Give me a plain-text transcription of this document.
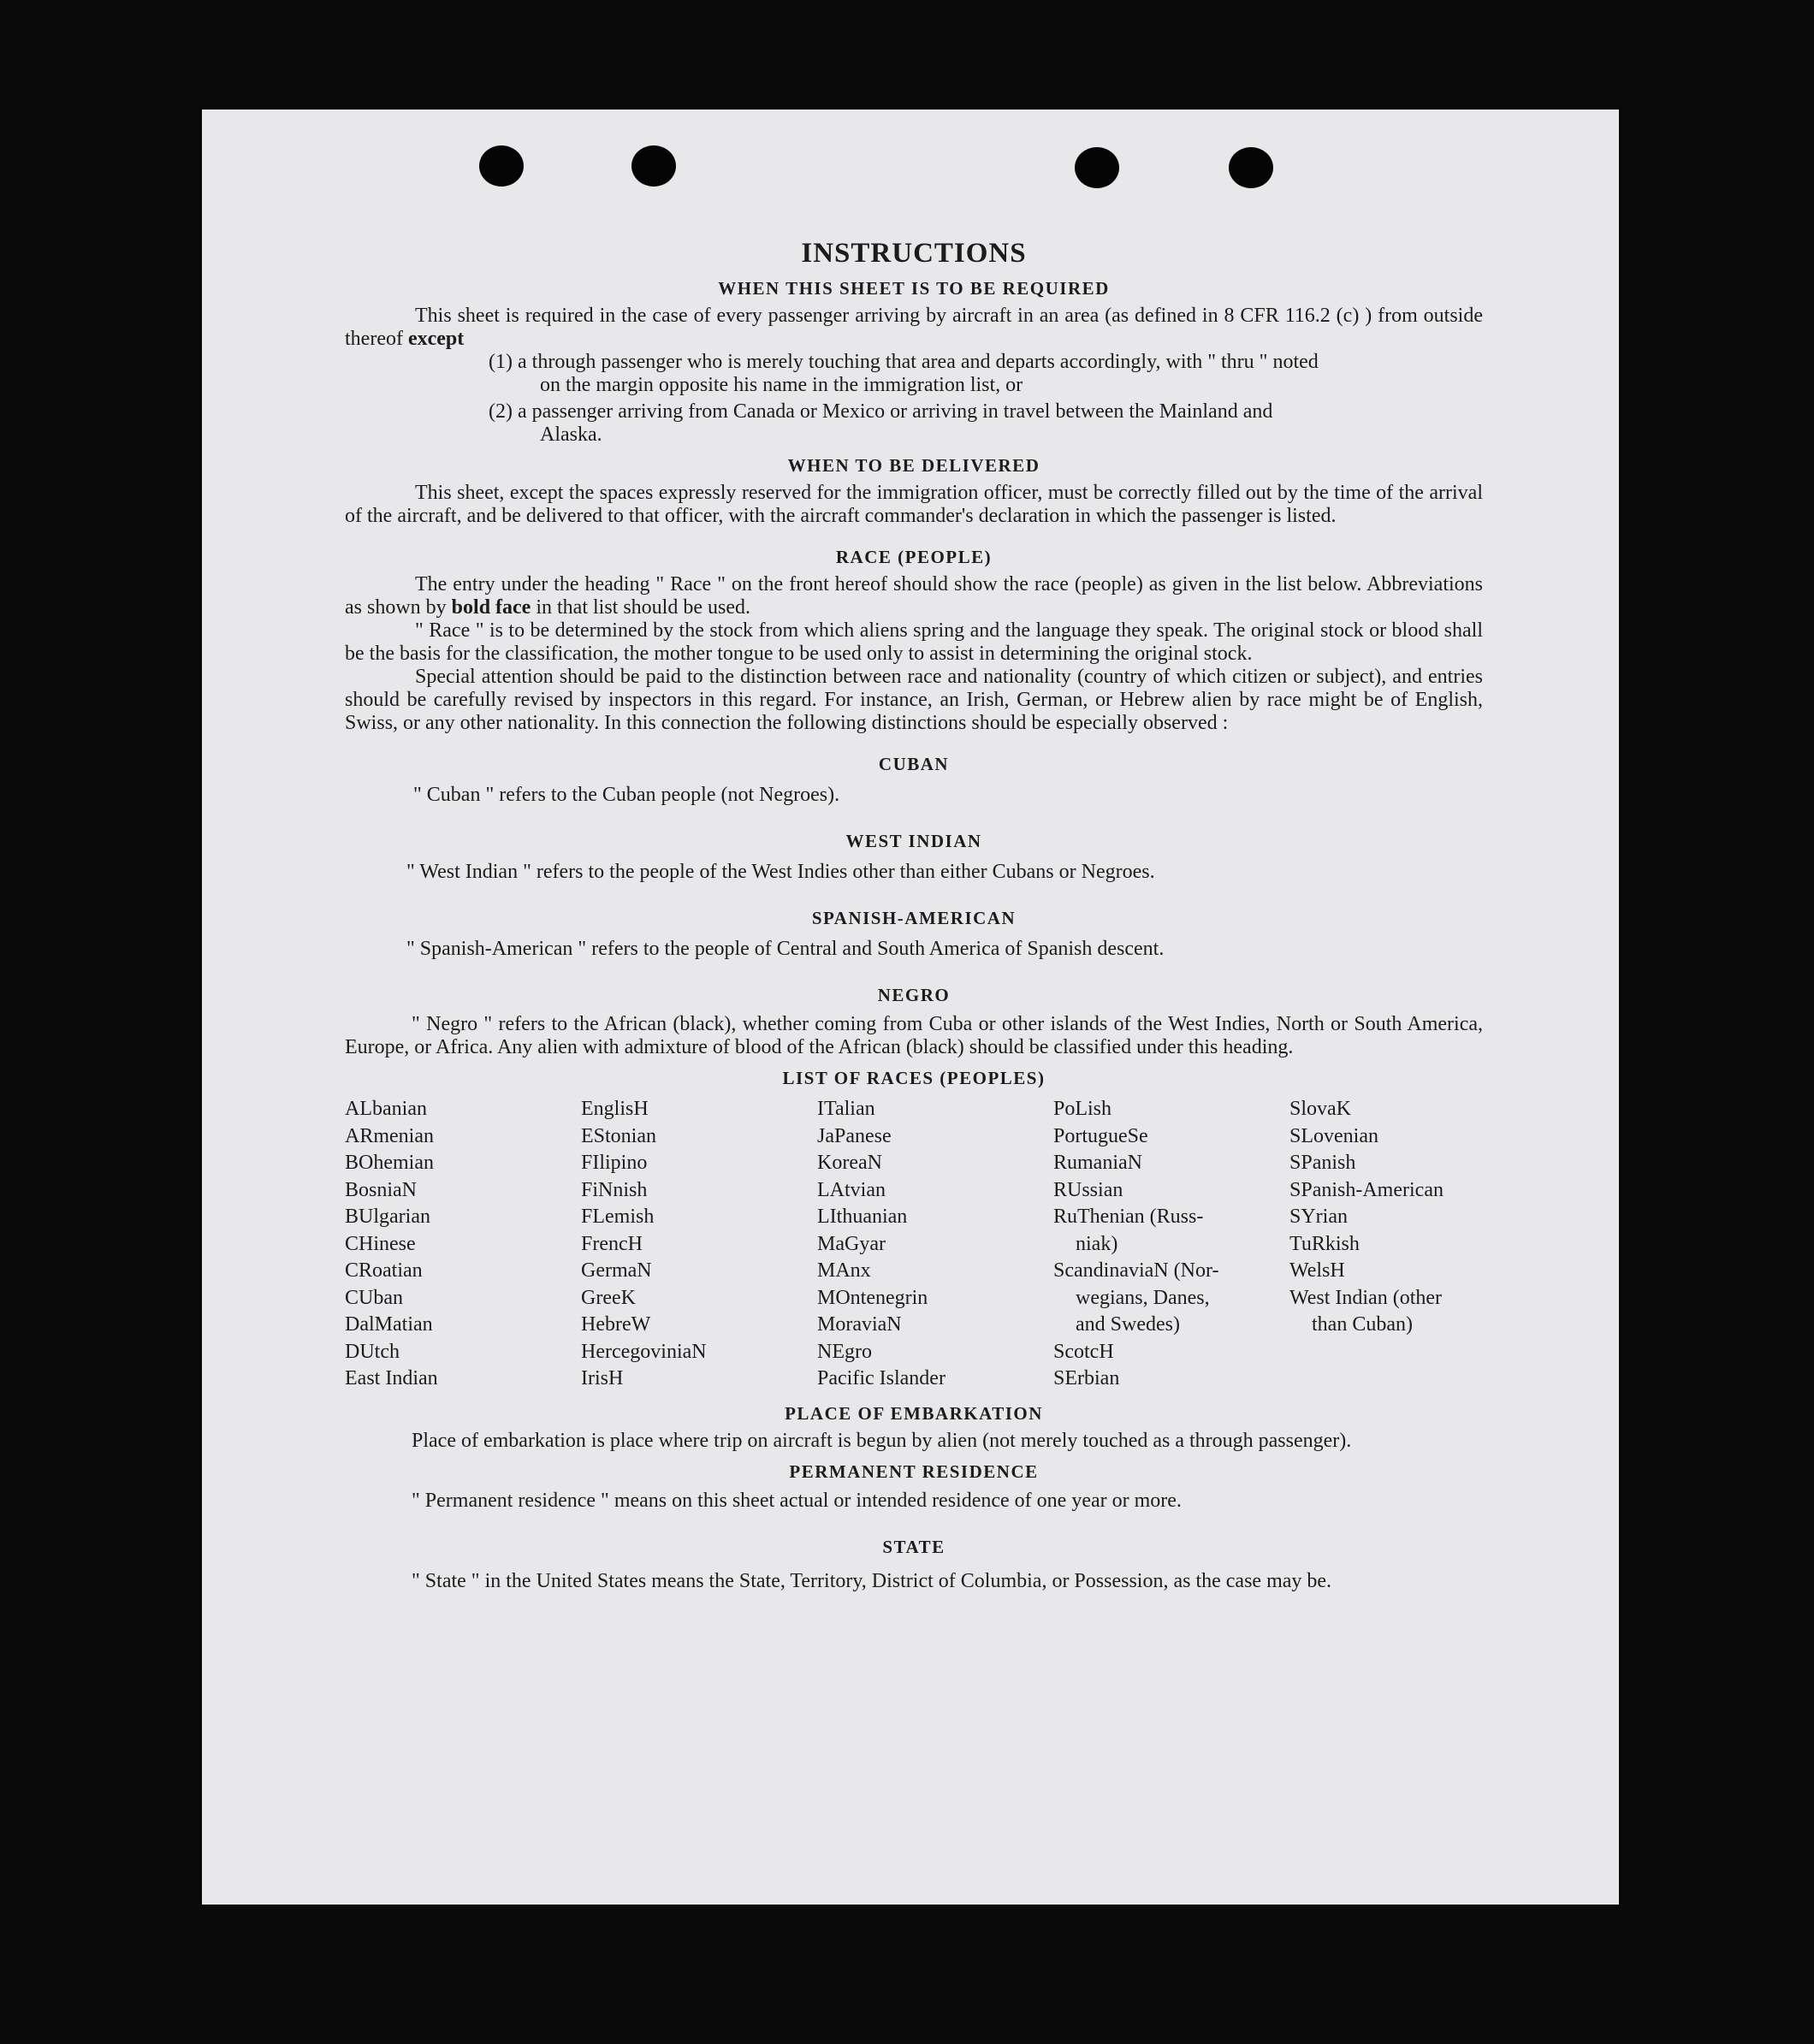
INSTRUCTIONS
WHEN THIS SHEET IS TO BE REQUIRED

This sheet is required in the case of every passenger arriving by aircraft in an area (as defined in 8 CFR 116.2 (c) ) from outside thereof except

(1) a through passenger who is merely touching that area and departs accordingly, with " thru " noted
on the margin opposite his name in the immigration list, or
(2) a passenger arriving from Canada or Mexico or arriving in travel between the Mainland and
Alaska.
WHEN TO BE DELIVERED

This sheet, except the spaces expressly reserved for the immigration officer, must be correctly filled out by the time of the arrival of the aircraft, and be delivered to that officer, with the aircraft commander's declaration in which the passenger is listed.

RACE (PEOPLE)

The entry under the heading " Race " on the front hereof should show the race (people) as given in the list below. Abbreviations as shown by bold face in that list should be used.

" Race " is to be determined by the stock from which aliens spring and the language they speak. The original stock or blood shall be the basis for the classification, the mother tongue to be used only to assist in determining the original stock.

Special attention should be paid to the distinction between race and nationality (country of which citizen or subject), and entries should be carefully revised by inspectors in this regard. For instance, an Irish, German, or Hebrew alien by race might be of English, Swiss, or any other nationality. In this connection the following distinctions should be especially observed :

CUBAN

" Cuban " refers to the Cuban people (not Negroes).

WEST INDIAN

" West Indian " refers to the people of the West Indies other than either Cubans or Negroes.

SPANISH-AMERICAN

" Spanish-American " refers to the people of Central and South America of Spanish descent.

NEGRO

" Negro " refers to the African (black), whether coming from Cuba or other islands of the West Indies, North or South America, Europe, or Africa. Any alien with admixture of blood of the African (black) should be classified under this heading.

LIST OF RACES (PEOPLES)
ALbanian
ARmenian
BOhemian
BosniaN
BUlgarian
CHinese
CRoatian
CUban
DalMatian
DUtch
East Indian
EnglisH
EStonian
FIlipino
FiNnish
FLemish
FrencH
GermaN
GreeK
HebreW
HercegoviniaN
IrisH
ITalian
JaPanese
KoreaN
LAtvian
LIthuanian
MaGyar
MAnx
MOntenegrin
MoraviaN
NEgro
Pacific Islander
PoLish
PortugueSe
RumaniaN
RUssian
RuThenian (Russ-
niak)
ScandinaviaN (Nor-
wegians, Danes,
and Swedes)
ScotcH
SErbian
SlovaK
SLovenian
SPanish
SPanish-American
SYrian
TuRkish
WelsH
West Indian (other
than Cuban)
PLACE OF EMBARKATION

Place of embarkation is place where trip on aircraft is begun by alien (not merely touched as a through passenger).

PERMANENT RESIDENCE

" Permanent residence " means on this sheet actual or intended residence of one year or more.

STATE

" State " in the United States means the State, Territory, District of Columbia, or Possession, as the case may be.
